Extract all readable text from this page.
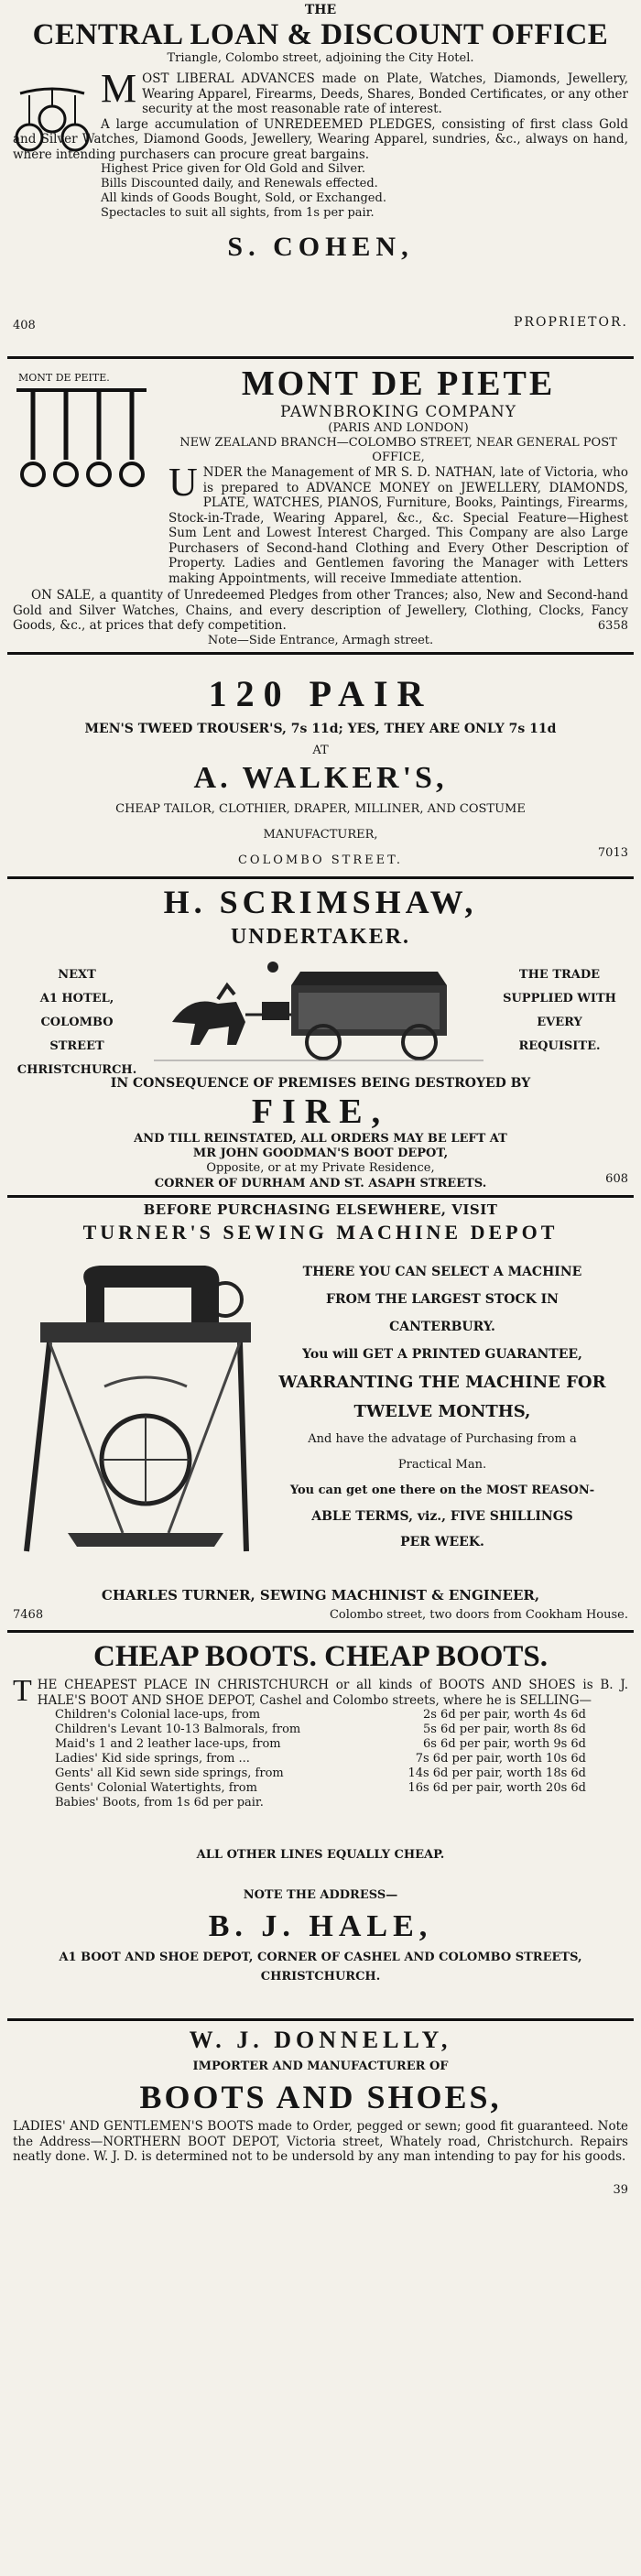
THE
CENTRAL LOAN & DISCOUNT OFFICE
Triangle, Colombo street, adjoining the City Hotel.
M OST LIBERAL ADVANCES made on Plate, Watches, Diamonds, Jewellery, Wearing Apparel, Firearms, Deeds, Shares, Bonded Certificates, or any other security at the most reasonable rate of interest.
A large accumulation of UNREDEEMED PLEDGES, consisting of first class Gold and Silver Watches, Diamond Goods, Jewellery, Wearing Apparel, sundries, &c., always on hand, where intending purchasers can procure great bargains.
Highest Price given for Old Gold and Silver.
Bills Discounted daily, and Renewals effected.
All kinds of Goods Bought, Sold, or Exchanged.
Spectacles to suit all sights, from 1s per pair.
S. COHEN,
PROPRIETOR.
408
MONT DE PEITE.	MONT DE PIETE
PAWNBROKING COMPANY
(PARIS AND LONDON)
NEW ZEALAND BRANCH—COLOMBO STREET, NEAR GENERAL POST OFFICE,
U NDER the Management of MR S. D. NATHAN, late of Victoria, who is prepared to ADVANCE MONEY on JEWELLERY, DIAMONDS, PLATE, WATCHES, PIANOS, Furniture, Books, Paintings, Firearms, Stock-in-Trade, Wearing Apparel, &c., &c. Special Feature—Highest Sum Lent and Lowest Interest Charged. This Company are also Large Purchasers of Second-hand Clothing and Every Other Description of Property. Ladies and Gentlemen favoring the Manager with Letters making Appointments, will receive Immediate attention.
ON SALE, a quantity of Unredeemed Pledges from other Trances; also, New and Second-hand Gold and Silver Watches, Chains, and every description of Jewellery, Clothing, Clocks, Fancy Goods, &c., at prices that defy competition.
Note—Side Entrance, Armagh street.
6358
120 PAIR
MEN'S TWEED TROUSER'S, 7s 11d; YES, THEY ARE ONLY 7s 11d
AT
A. WALKER'S,
CHEAP TAILOR, CLOTHIER, DRAPER, MILLINER, AND COSTUME
MANUFACTURER,
COLOMBO STREET.
7013
H. SCRIMSHAW,
UNDERTAKER.
NEXT
A1 HOTEL,
COLOMBO STREET
CHRISTCHURCH.
THE TRADE
SUPPLIED WITH
EVERY
REQUISITE.
IN CONSEQUENCE OF PREMISES BEING DESTROYED BY
FIRE,
AND TILL REINSTATED, ALL ORDERS MAY BE LEFT AT
MR JOHN GOODMAN'S BOOT DEPOT,
Opposite, or at my Private Residence,
CORNER OF DURHAM AND ST. ASAPH STREETS.	608
BEFORE PURCHASING ELSEWHERE, VISIT
TURNER'S SEWING MACHINE DEPOT
THERE YOU CAN SELECT A MACHINE
FROM THE LARGEST STOCK IN
CANTERBURY.
You will GET A PRINTED GUARANTEE,
WARRANTING THE MACHINE FOR
TWELVE MONTHS,
And have the advatage of Purchasing from a
Practical Man.
You can get one there on the MOST REASON-
ABLE TERMS, viz., FIVE SHILLINGS
PER WEEK.
CHARLES TURNER, SEWING MACHINIST & ENGINEER,
7468	Colombo street, two doors from Cookham House.
CHEAP BOOTS. CHEAP BOOTS.
T HE CHEAPEST PLACE IN CHRISTCHURCH or all kinds of BOOTS AND SHOES is B. J. HALE'S BOOT AND SHOE DEPOT, Cashel and Colombo streets, where he is SELLING—
Children's Colonial lace-ups, from	2s 6d per pair, worth 4s 6d
Children's Levant 10-13 Balmorals, from	5s 6d per pair, worth 8s 6d
Maid's 1 and 2 leather lace-ups, from	6s 6d per pair, worth 9s 6d
Ladies' Kid side springs, from ...	7s 6d per pair, worth 10s 6d
Gents' all Kid sewn side springs, from	14s 6d per pair, worth 18s 6d
Gents' Colonial Watertights, from	16s 6d per pair, worth 20s 6d
Babies' Boots, from 1s 6d per pair.
ALL OTHER LINES EQUALLY CHEAP.
NOTE THE ADDRESS—
B. J. HALE,
A1 BOOT AND SHOE DEPOT, CORNER OF CASHEL AND COLOMBO STREETS,
CHRISTCHURCH.
W. J. DONNELLY,
IMPORTER AND MANUFACTURER OF
BOOTS AND SHOES,
LADIES' AND GENTLEMEN'S BOOTS made to Order, pegged or sewn; good fit guaranteed. Note the Address—NORTHERN BOOT DEPOT, Victoria street, Whately road, Christchurch. Repairs neatly done. W. J. D. is determined not to be undersold by any man intending to pay for his goods.
39
